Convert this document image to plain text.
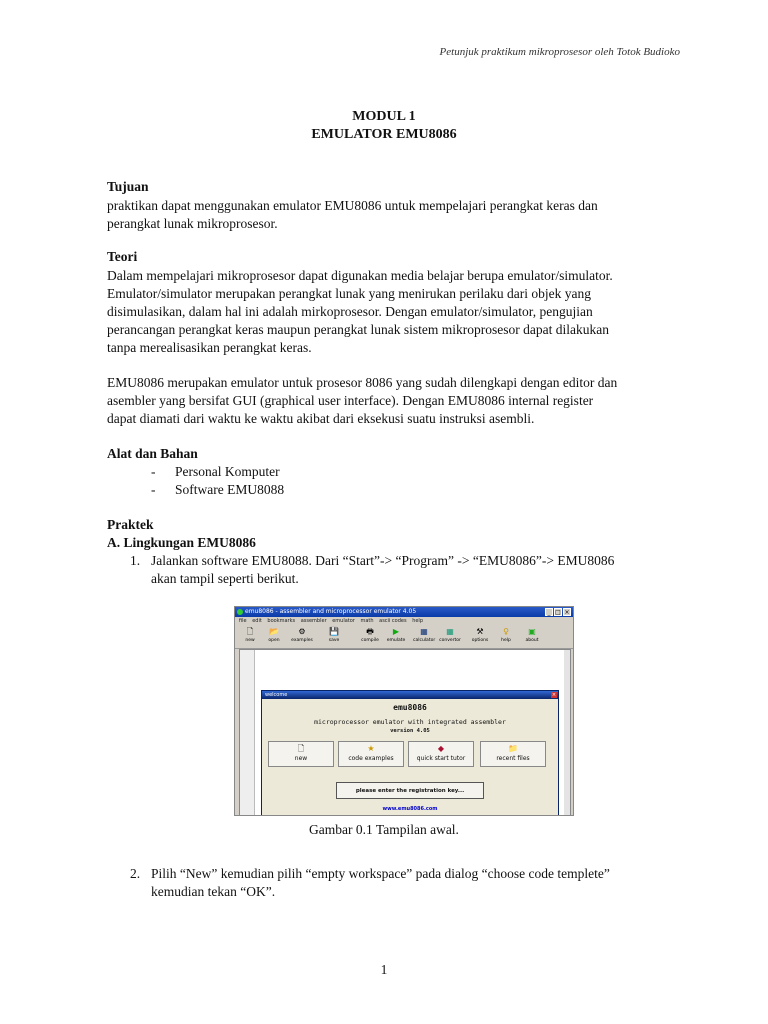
Petunjuk praktikum mikroprosesor oleh Totok Budioko
MODUL 1
EMULATOR EMU8086
Tujuan
praktikan dapat menggunakan emulator EMU8086 untuk mempelajari perangkat keras dan
perangkat lunak mikroprosesor.
Teori
Dalam mempelajari mikroprosesor dapat digunakan media belajar berupa emulator/simulator.
Emulator/simulator merupakan perangkat lunak yang menirukan perilaku dari objek yang
disimulasikan, dalam hal ini adalah mirkoprosesor. Dengan emulator/simulator, pengujian
perancangan perangkat keras maupun perangkat lunak sistem mikroprosesor dapat dilakukan
tanpa merealisasikan perangkat keras.
EMU8086 merupakan emulator untuk prosesor 8086 yang sudah dilengkapi dengan editor dan
asembler yang bersifat GUI (graphical user interface). Dengan EMU8086 internal register
dapat diamati dari waktu ke waktu akibat dari eksekusi suatu instruksi asembli.
Alat dan Bahan
- Personal Komputer
- Software EMU8088
Praktek
A. Lingkungan EMU8086
1. Jalankan software EMU8088. Dari “Start”-> “Program” -> “EMU8086”-> EMU8086
akan tampil seperti berikut.
emu8086 - assembler and microprocessor emulator 4.05	_ □ ×
file edit bookmarks assembler emulator math ascii codes help
🗋
new
📂
open
⚙
examples
💾
save
🖶
compile
▶
emulate
▦
calculator
▦
convertor
⚒
options
♀
help
▣
about
welcome	×
emu8086
microprocessor emulator with integrated assembler
version 4.05
🗋
new
★
code examples
◆
quick start tutor
📁
recent files
please enter the registration key...
www.emu8086.com
Gambar 0.1 Tampilan awal.
2. Pilih “New” kemudian pilih “empty workspace” pada dialog “choose code templete”
kemudian tekan “OK”.
1
